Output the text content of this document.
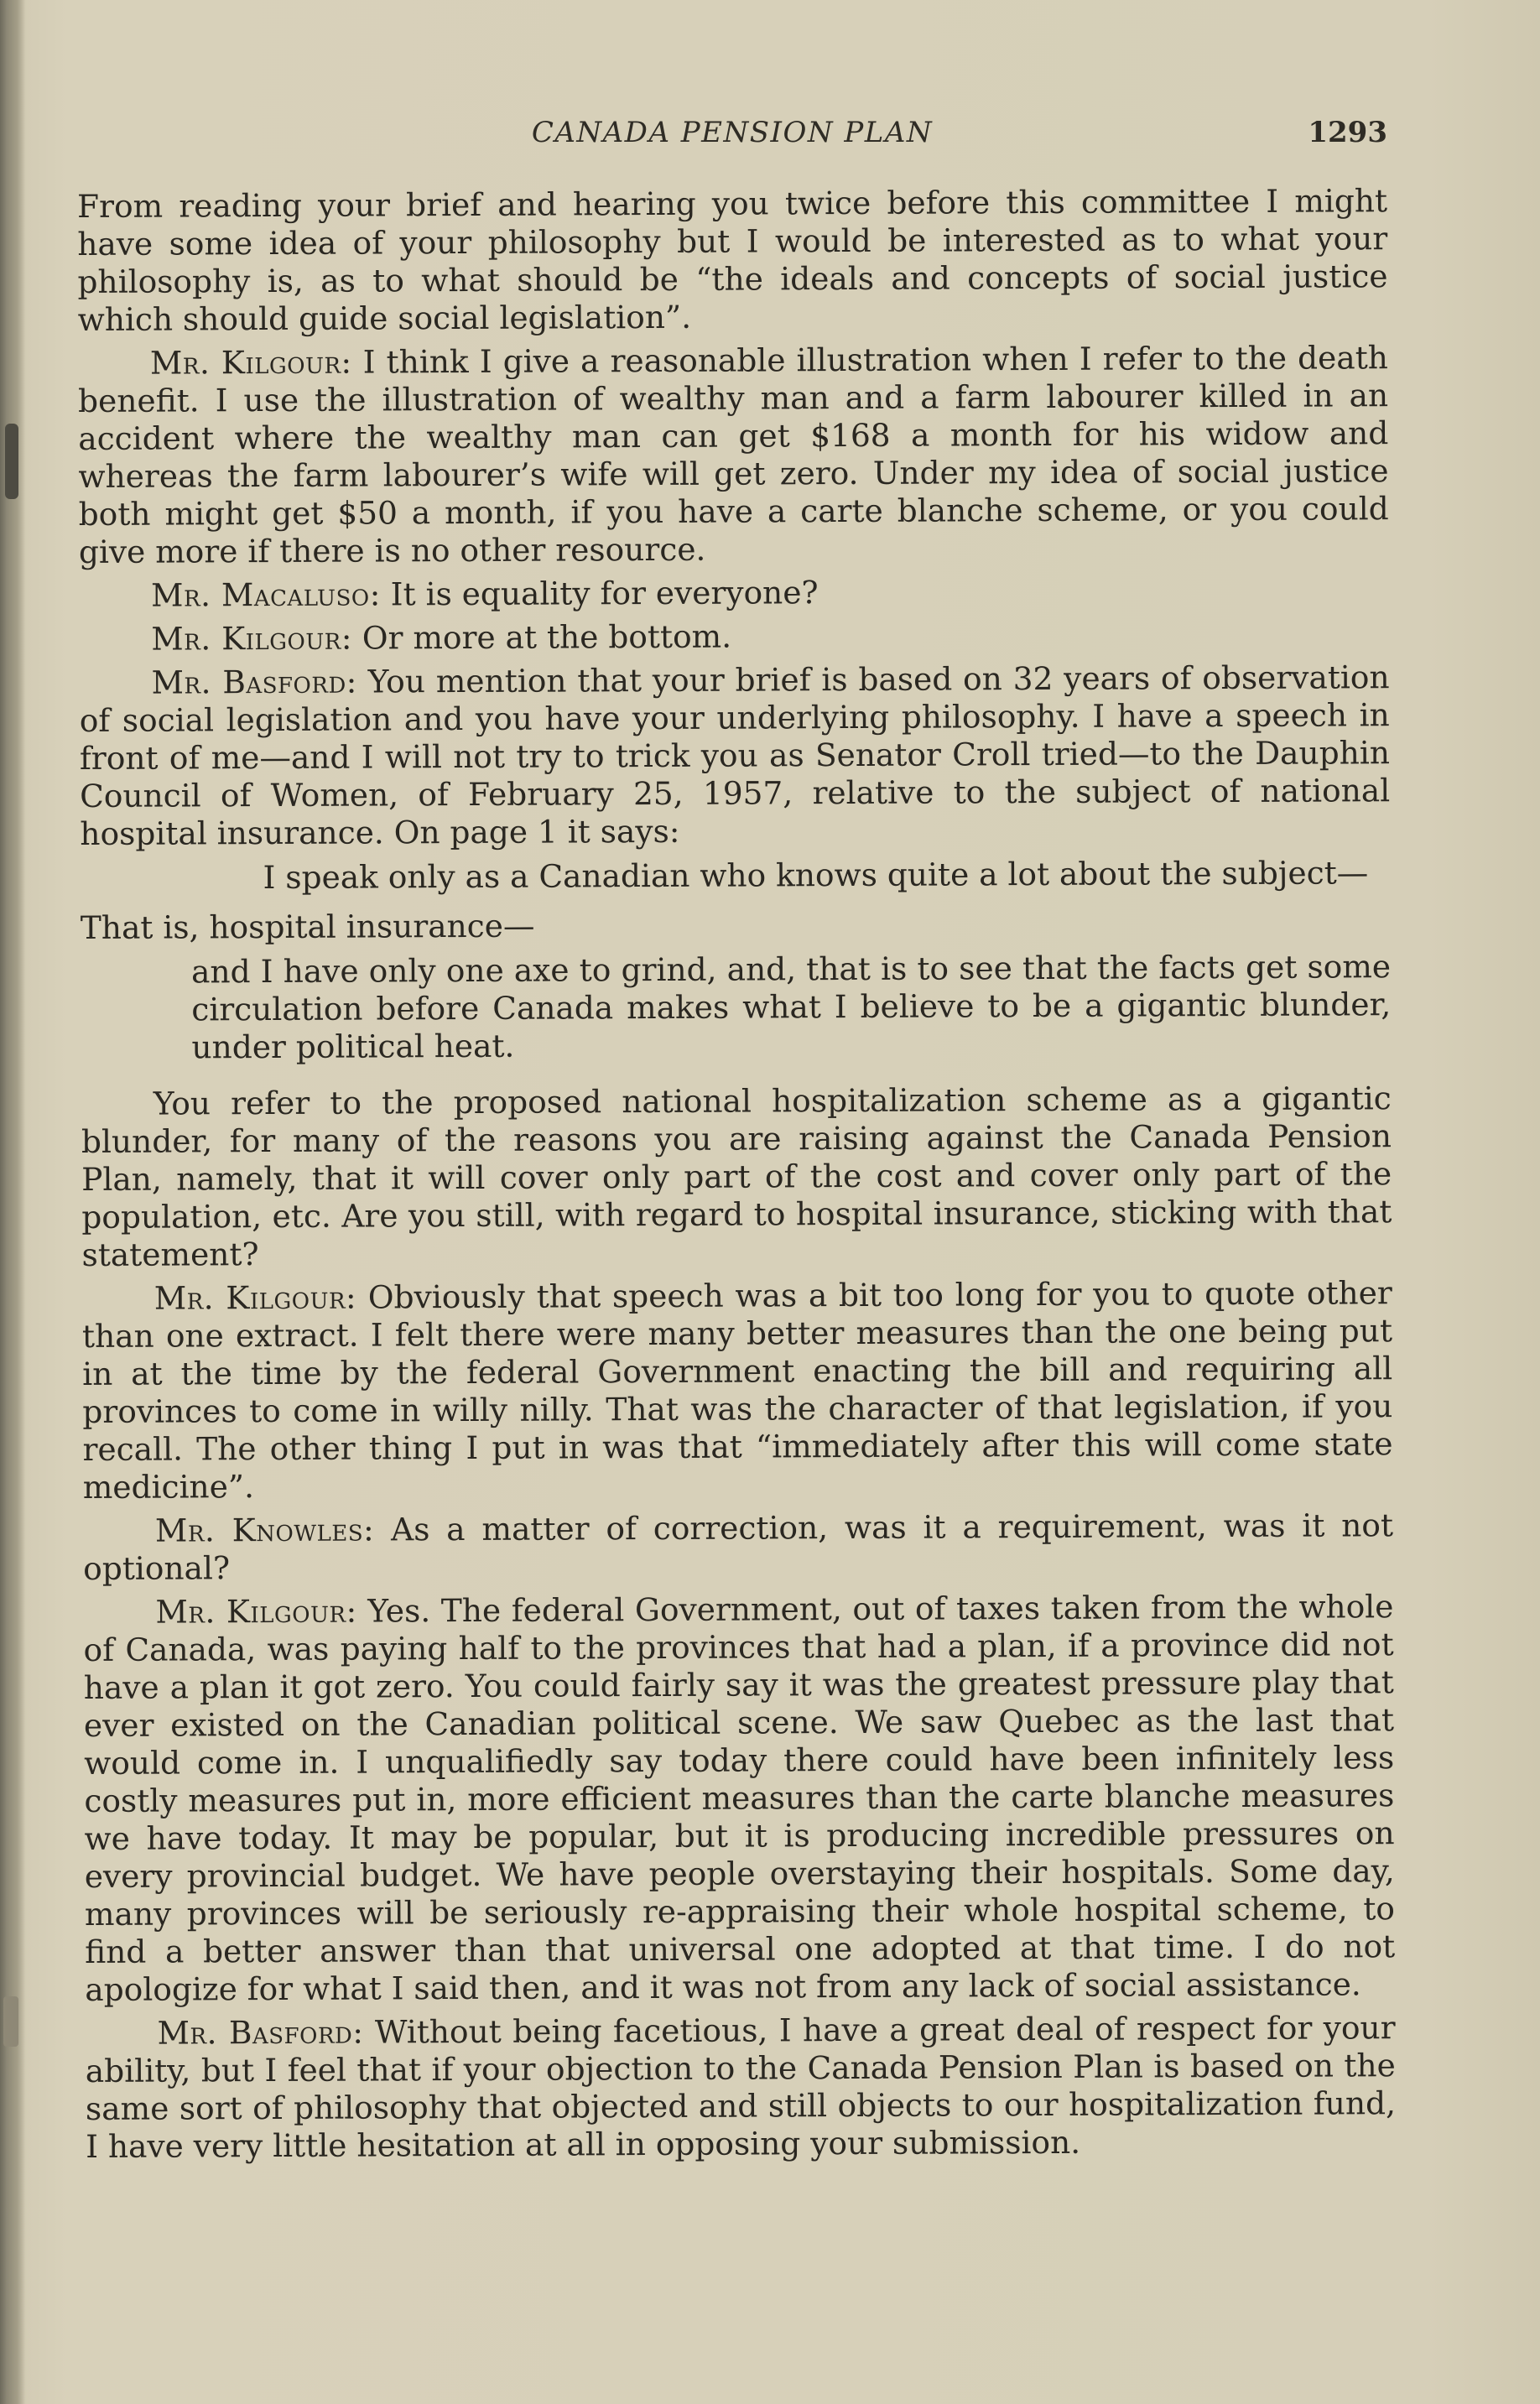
CANADA PENSION PLAN	1293

From reading your brief and hearing you twice before this committee I might have some idea of your philosophy but I would be interested as to what your philosophy is, as to what should be “the ideals and concepts of social justice which should guide social legislation”.

Mr. Kilgour: I think I give a reasonable illustration when I refer to the death benefit. I use the illustration of wealthy man and a farm labourer killed in an accident where the wealthy man can get $168 a month for his widow and whereas the farm labourer’s wife will get zero. Under my idea of social justice both might get $50 a month, if you have a carte blanche scheme, or you could give more if there is no other resource.

Mr. Macaluso: It is equality for everyone?

Mr. Kilgour: Or more at the bottom.

Mr. Basford: You mention that your brief is based on 32 years of observation of social legislation and you have your underlying philosophy. I have a speech in front of me—and I will not try to trick you as Senator Croll tried—to the Dauphin Council of Women, of February 25, 1957, relative to the subject of national hospital insurance. On page 1 it says:

I speak only as a Canadian who knows quite a lot about the subject—

That is, hospital insurance—

and I have only one axe to grind, and, that is to see that the facts get some circulation before Canada makes what I believe to be a gigantic blunder, under political heat.

You refer to the proposed national hospitalization scheme as a gigantic blunder, for many of the reasons you are raising against the Canada Pension Plan, namely, that it will cover only part of the cost and cover only part of the population, etc. Are you still, with regard to hospital insurance, sticking with that statement?

Mr. Kilgour: Obviously that speech was a bit too long for you to quote other than one extract. I felt there were many better measures than the one being put in at the time by the federal Government enacting the bill and requiring all provinces to come in willy nilly. That was the character of that legislation, if you recall. The other thing I put in was that “immediately after this will come state medicine”.

Mr. Knowles: As a matter of correction, was it a requirement, was it not optional?

Mr. Kilgour: Yes. The federal Government, out of taxes taken from the whole of Canada, was paying half to the provinces that had a plan, if a province did not have a plan it got zero. You could fairly say it was the greatest pressure play that ever existed on the Canadian political scene. We saw Quebec as the last that would come in. I unqualifiedly say today there could have been infinitely less costly measures put in, more efficient measures than the carte blanche measures we have today. It may be popular, but it is producing incredible pressures on every provincial budget. We have people overstaying their hospitals. Some day, many provinces will be seriously re-appraising their whole hospital scheme, to find a better answer than that universal one adopted at that time. I do not apologize for what I said then, and it was not from any lack of social assistance.

Mr. Basford: Without being facetious, I have a great deal of respect for your ability, but I feel that if your objection to the Canada Pension Plan is based on the same sort of philosophy that objected and still objects to our hospitalization fund, I have very little hesitation at all in opposing your submission.
